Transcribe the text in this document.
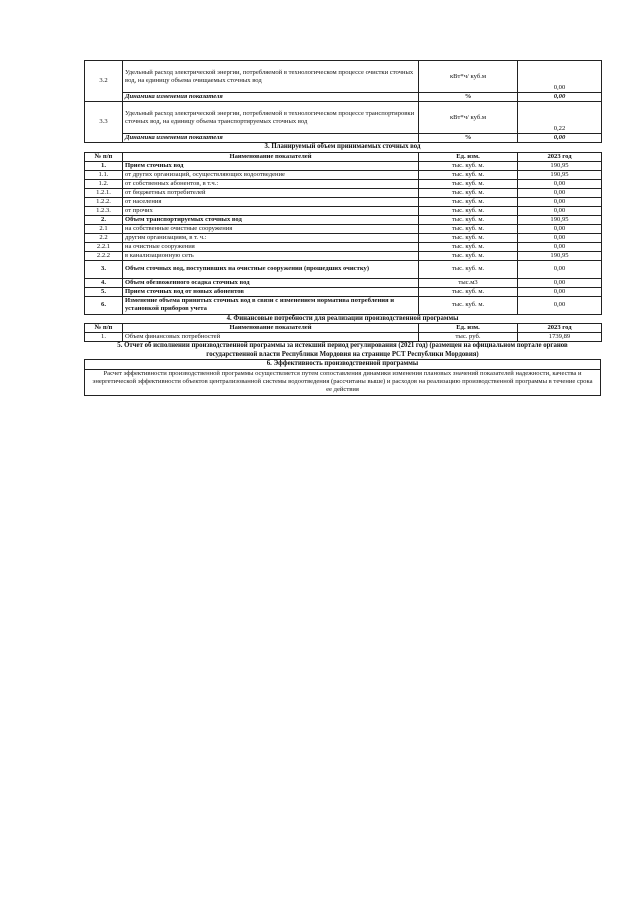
3.2	Удельный расход электрической энергии, потребляемой в технологическом процессе очистки сточных вод, на единицу объема очищаемых сточных вод	кВт*ч/ куб.м	0,00
	Динамика изменения показателя	%	0,00
3.3	Удельный расход электрической энергии, потребляемой в технологическом процессе транспортировки сточных вод, на единицу объема транспортируемых сточных вод	кВт*ч/ куб.м	0,22
	Динамика изменения показателя	%	0,00
3. Планируемый объем принимаемых сточных вод
№ п/п	Наименование показателей	Ед. изм.	2023 год
1.	Прием сточных вод	тыс. куб. м.	190,95
1.1.	от других организаций, осуществляющих водоотведение	тыс. куб. м.	190,95
1.2.	от собственных абонентов, в т.ч.:	тыс. куб. м.	0,00
1.2.1.	от бюджетных потребителей	тыс. куб. м.	0,00
1.2.2.	от населения	тыс. куб. м.	0,00
1.2.3.	от прочих	тыс. куб. м.	0,00
2.	Объем транспортируемых сточных вод	тыс. куб. м.	190,95
2.1	на собственные очистные сооружения	тыс. куб. м.	0,00
2.2	другим организациям, в т. ч.:	тыс. куб. м.	0,00
2.2.1	на очистные сооружения	тыс. куб. м.	0,00
2.2.2	в канализационную сеть	тыс. куб. м.	190,95
3.	Объем сточных вод, поступивших на очистные сооружения (прошедших очистку)	тыс. куб. м.	0,00
4.	Объем обезвоженного осадка сточных вод	тыс.м3	0,00
5.	Прием сточных вод от новых абонентов	тыс. куб. м.	0,00
6.	Изменение объема принятых сточных вод в связи с изменением норматива потребления и установкой приборов учета	тыс. куб. м.	0,00
4. Финансовые потребности для реализации производственной программы
№ п/п	Наименование показателей	Ед. изм.	2023 год
1.	Объем финансовых потребностей	тыс. руб.	1739,89
5. Отчет об исполнении производственной программы за истекший период регулирования (2021 год) (размещен на официальном портале органов государственной власти Республики Мордовия на странице РСТ Республики Мордовия)
6. Эффективность производственной программы
Расчет эффективности производственной программы осуществляется путем сопоставления динамики изменения плановых значений показателей надежности, качества и энергетической эффективности объектов централизованной системы водоотведения (рассчитаны выше) и расходов на реализацию производственной программы в течение срока ее действия
